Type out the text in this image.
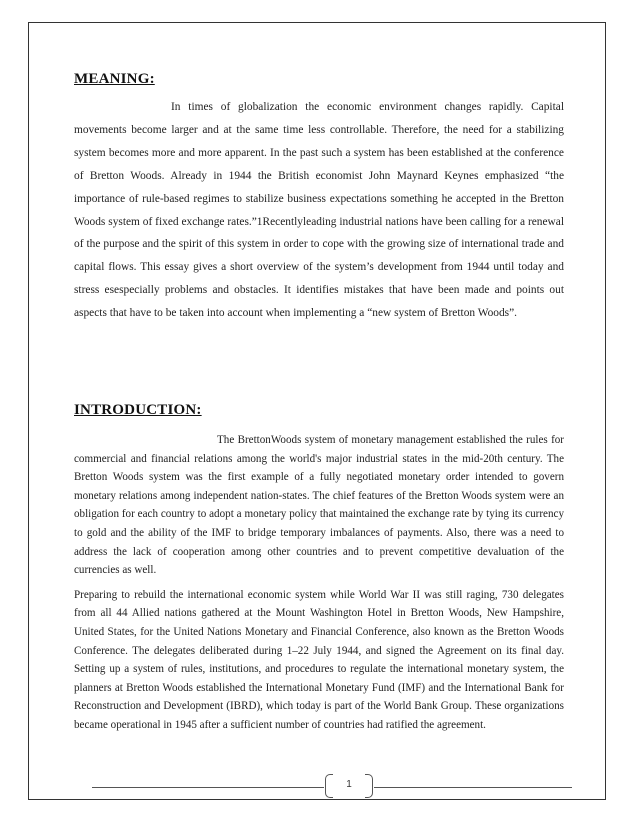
MEANING:

In times of globalization the economic environment changes rapidly. Capital movements become larger and at the same time less controllable. Therefore, the need for a stabilizing system becomes more and more apparent. In the past such a system has been established at the conference of Bretton Woods. Already in 1944 the British economist John Maynard Keynes emphasized “the importance of rule-based regimes to stabilize business expectations something he accepted in the Bretton Woods system of fixed exchange rates.”1Recentlyleading industrial nations have been calling for a renewal of the purpose and the spirit of this system in order to cope with the growing size of international trade and capital flows. This essay gives a short overview of the system’s development from 1944 until today and stress esespecially problems and obstacles. It identifies mistakes that have been made and points out aspects that have to be taken into account when implementing a “new system of Bretton Woods”.

INTRODUCTION:

The BrettonWoods system of monetary management established the rules for commercial and financial relations among the world's major industrial states in the mid-20th century. The Bretton Woods system was the first example of a fully negotiated monetary order intended to govern monetary relations among independent nation-states. The chief features of the Bretton Woods system were an obligation for each country to adopt a monetary policy that maintained the exchange rate by tying its currency to gold and the ability of the IMF to bridge temporary imbalances of payments. Also, there was a need to address the lack of cooperation among other countries and to prevent competitive devaluation of the currencies as well.

Preparing to rebuild the international economic system while World War II was still raging, 730 delegates from all 44 Allied nations gathered at the Mount Washington Hotel in Bretton Woods, New Hampshire, United States, for the United Nations Monetary and Financial Conference, also known as the Bretton Woods Conference. The delegates deliberated during 1–22 July 1944, and signed the Agreement on its final day. Setting up a system of rules, institutions, and procedures to regulate the international monetary system, the planners at Bretton Woods established the International Monetary Fund (IMF) and the International Bank for Reconstruction and Development (IBRD), which today is part of the World Bank Group. These organizations became operational in 1945 after a sufficient number of countries had ratified the agreement.

1
